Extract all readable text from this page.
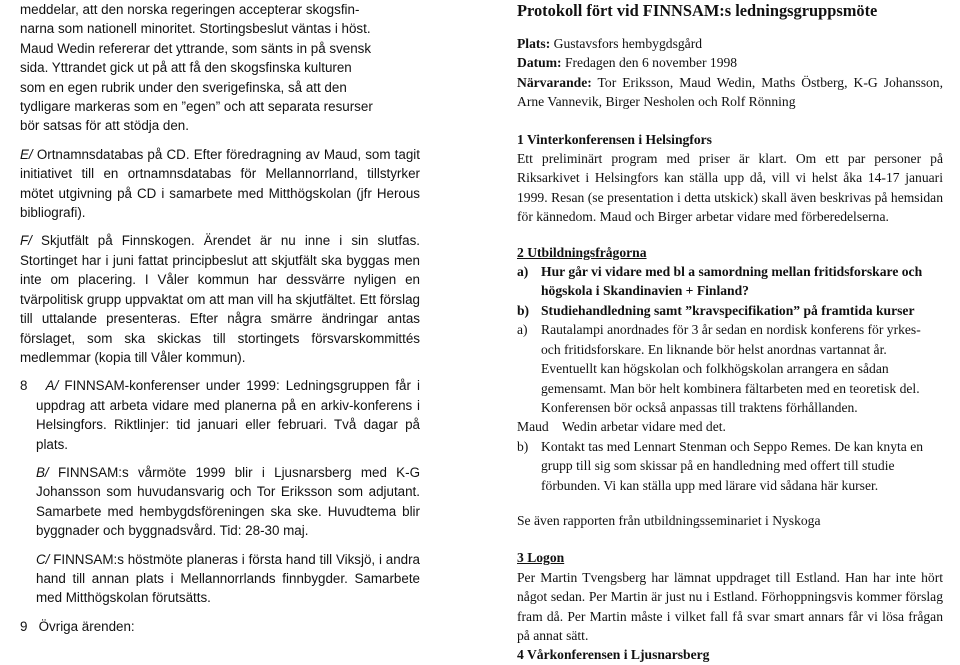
meddelar, att den norska regeringen accepterar skogsfin-

narna som nationell minoritet. Stortingsbeslut väntas i höst.

Maud Wedin refererar det yttrande, som sänts in på svensk

sida. Yttrandet gick ut på att få den skogsfinska kulturen

som en egen rubrik under den sverigefinska, så att den

tydligare markeras som en ”egen” och att separata resurser

bör satsas för att stödja den.

E/ Ortnamnsdatabas på CD. Efter föredragning av Maud, som tagit initiativet till en ortnamnsdatabas för Mellannorrland, tillstyrker mötet utgivning på CD i samarbete med Mitthögskolan (jfr Herous bibliografi).

F/ Skjutfält på Finnskogen. Ärendet är nu inne i sin slutfas. Stortinget har i juni fattat principbeslut att skjutfält ska byggas men inte om placering. I Våler kommun har dessvärre nyligen en tvärpolitisk grupp uppvaktat om att man vill ha skjutfältet. Ett förslag till uttalande presenteras. Efter några smärre ändringar antas förslaget, som ska skickas till stortingets försvarskommittés medlemmar (kopia till Våler kommun).

8 A/ FINNSAM-konferenser under 1999: Ledningsgruppen får i uppdrag att arbeta vidare med planerna på en arkiv-konferens i Helsingfors. Riktlinjer: tid januari eller februari. Två dagar på plats.

B/ FINNSAM:s vårmöte 1999 blir i Ljusnarsberg med K-G Johansson som huvudansvarig och Tor Eriksson som adjutant. Samarbete med hembygdsföreningen ska ske. Huvudtema blir byggnader och byggnadsvård. Tid: 28-30 maj.

C/ FINNSAM:s höstmöte planeras i första hand till Viksjö, i andra hand till annan plats i Mellannorrlands finnbygder. Samarbete med Mitthögskolan förutsätts.

9 Övriga ärenden:

Protokoll fört vid FINNSAM:s ledningsgruppsmöte

Plats: Gustavsfors hembygdsgård

Datum: Fredagen den 6 november 1998

Närvarande: Tor Eriksson, Maud Wedin, Maths Östberg, K-G Johansson, Arne Vannevik, Birger Nesholen och Rolf Rönning

1 Vinterkonferensen i Helsingfors

Ett preliminärt program med priser är klart. Om ett par personer på Riksarkivet i Helsingfors kan ställa upp då, vill vi helst åka 14-17 januari 1999. Resan (se presentation i detta utskick) skall även beskrivas på hemsidan för kännedom. Maud och Birger arbetar vidare med förberedelserna.

2 Utbildningsfrågorna

a) Hur går vi vidare med bl a samordning mellan fritidsforskare och högskola i Skandinavien + Finland?

b) Studiehandledning samt ”kravspecifikation” på framtida kurser

a) Rautalampi anordnades för 3 år sedan en nordisk konferens för yrkes- och fritidsforskare. En liknande bör helst anordnas vartannat år. Eventuellt kan högskolan och folkhögskolan arrangera en sådan gemensamt. Man bör helt kombinera fältarbeten med en teoretisk del. Konferensen bör också anpassas till traktens förhållanden.

Maud    Wedin arbetar vidare med det.

b) Kontakt tas med Lennart Stenman och Seppo Remes. De kan knyta en grupp till sig som skissar på en handledning med offert till studie förbunden. Vi kan ställa upp med lärare vid sådana här kurser.

Se även rapporten från utbildningsseminariet i Nyskoga

3 Logon

Per Martin Tvengsberg har lämnat uppdraget till Estland. Han har inte hört något sedan. Per Martin är just nu i Estland. Förhoppningsvis kommer förslag fram då. Per Martin måste i vilket fall få svar smart annars får vi lösa frågan på annat sätt.

4 Vårkonferensen i Ljusnarsberg
